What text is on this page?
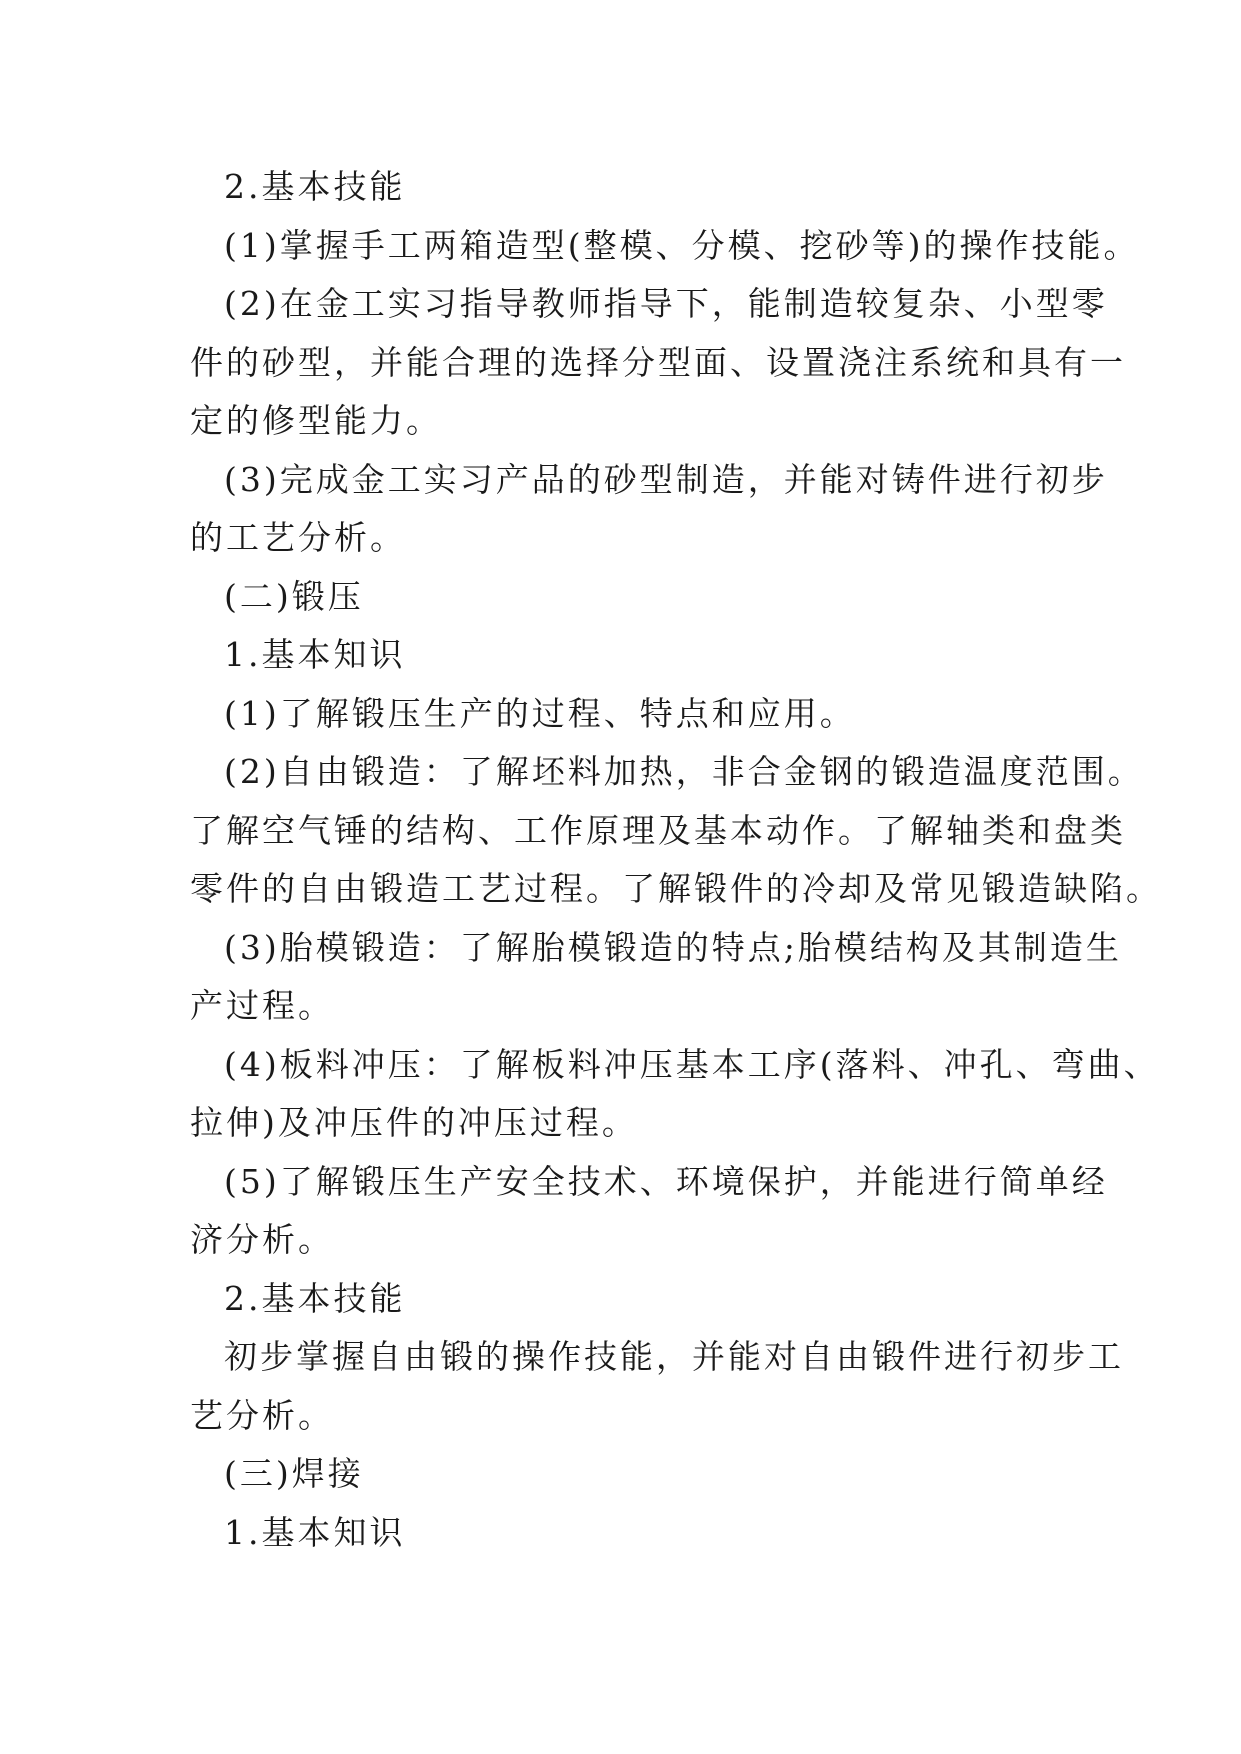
2.基本技能
(1)掌握手工两箱造型(整模、分模、挖砂等)的操作技能。
(2)在金工实习指导教师指导下，能制造较复杂、小型零
件的砂型，并能合理的选择分型面、设置浇注系统和具有一
定的修型能力。
(3)完成金工实习产品的砂型制造，并能对铸件进行初步
的工艺分析。
(二)锻压
1.基本知识
(1)了解锻压生产的过程、特点和应用。
(2)自由锻造：了解坯料加热，非合金钢的锻造温度范围。
了解空气锤的结构、工作原理及基本动作。了解轴类和盘类
零件的自由锻造工艺过程。了解锻件的冷却及常见锻造缺陷。
(3)胎模锻造：了解胎模锻造的特点;胎模结构及其制造生
产过程。
(4)板料冲压：了解板料冲压基本工序(落料、冲孔、弯曲、
拉伸)及冲压件的冲压过程。
(5)了解锻压生产安全技术、环境保护，并能进行简单经
济分析。
2.基本技能
初步掌握自由锻的操作技能，并能对自由锻件进行初步工
艺分析。
(三)焊接
1.基本知识
